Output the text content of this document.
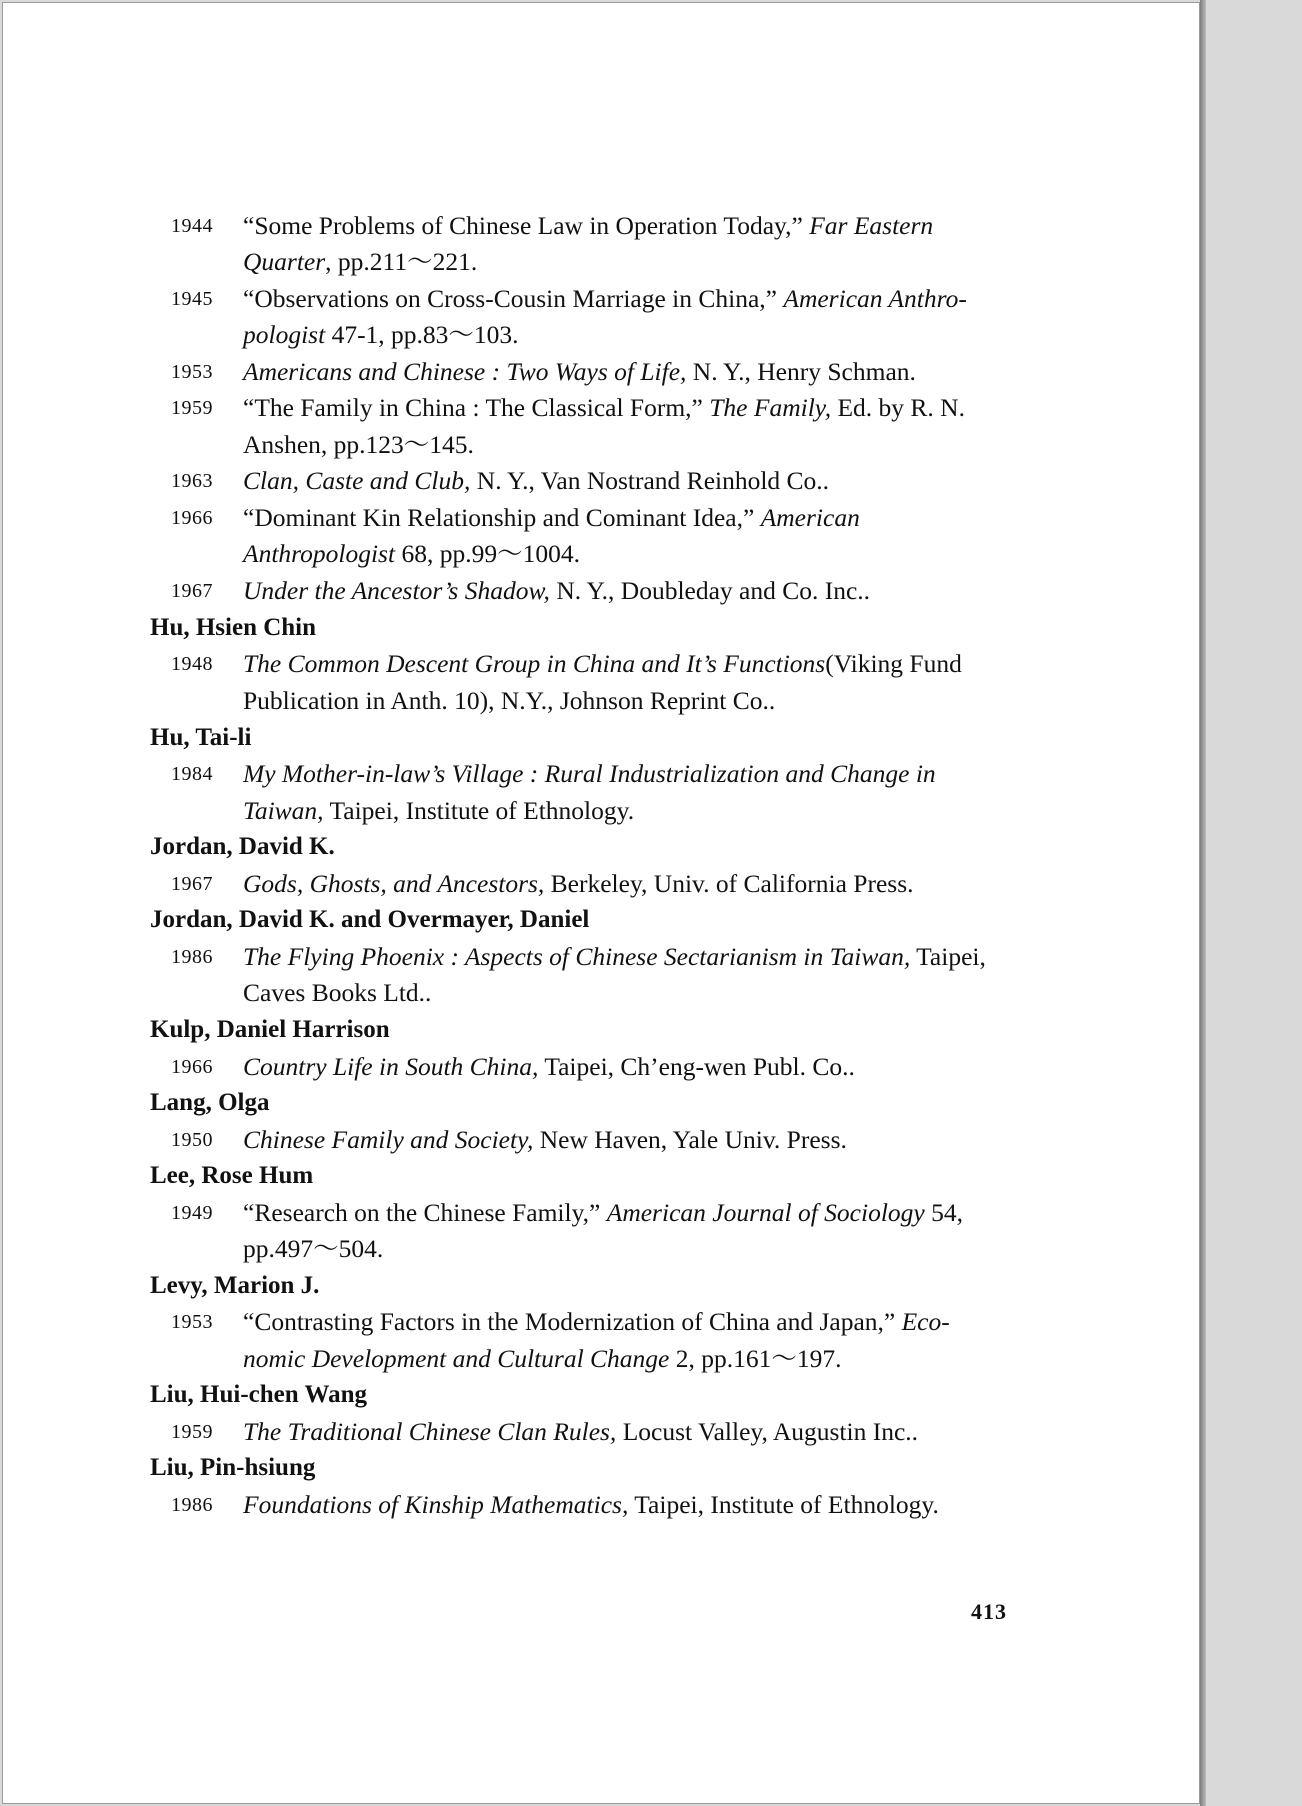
1944	“Some Problems of Chinese Law in Operation Today,” Far Eastern
Quarter, pp.211～221.
1945	“Observations on Cross-Cousin Marriage in China,” American Anthro-
pologist 47-1, pp.83～103.
1953	Americans and Chinese : Two Ways of Life, N. Y., Henry Schman.
1959	“The Family in China : The Classical Form,” The Family, Ed. by R. N.
Anshen, pp.123～145.
1963	Clan, Caste and Club, N. Y., Van Nostrand Reinhold Co..
1966	“Dominant Kin Relationship and Cominant Idea,” American
Anthropologist 68, pp.99～1004.
1967	Under the Ancestor’s Shadow, N. Y., Doubleday and Co. Inc..
Hu, Hsien Chin
1948	The Common Descent Group in China and It’s Functions(Viking Fund
Publication in Anth. 10), N.Y., Johnson Reprint Co..
Hu, Tai-li
1984	My Mother-in-law’s Village : Rural Industrialization and Change in
Taiwan, Taipei, Institute of Ethnology.
Jordan, David K.
1967	Gods, Ghosts, and Ancestors, Berkeley, Univ. of California Press.
Jordan, David K. and Overmayer, Daniel
1986	The Flying Phoenix : Aspects of Chinese Sectarianism in Taiwan, Taipei,
Caves Books Ltd..
Kulp, Daniel Harrison
1966	Country Life in South China, Taipei, Ch’eng-wen Publ. Co..
Lang, Olga
1950	Chinese Family and Society, New Haven, Yale Univ. Press.
Lee, Rose Hum
1949	“Research on the Chinese Family,” American Journal of Sociology 54,
pp.497～504.
Levy, Marion J.
1953	“Contrasting Factors in the Modernization of China and Japan,” Eco-
nomic Development and Cultural Change 2, pp.161～197.
Liu, Hui-chen Wang
1959	The Traditional Chinese Clan Rules, Locust Valley, Augustin Inc..
Liu, Pin-hsiung
1986	Foundations of Kinship Mathematics, Taipei, Institute of Ethnology.
413
